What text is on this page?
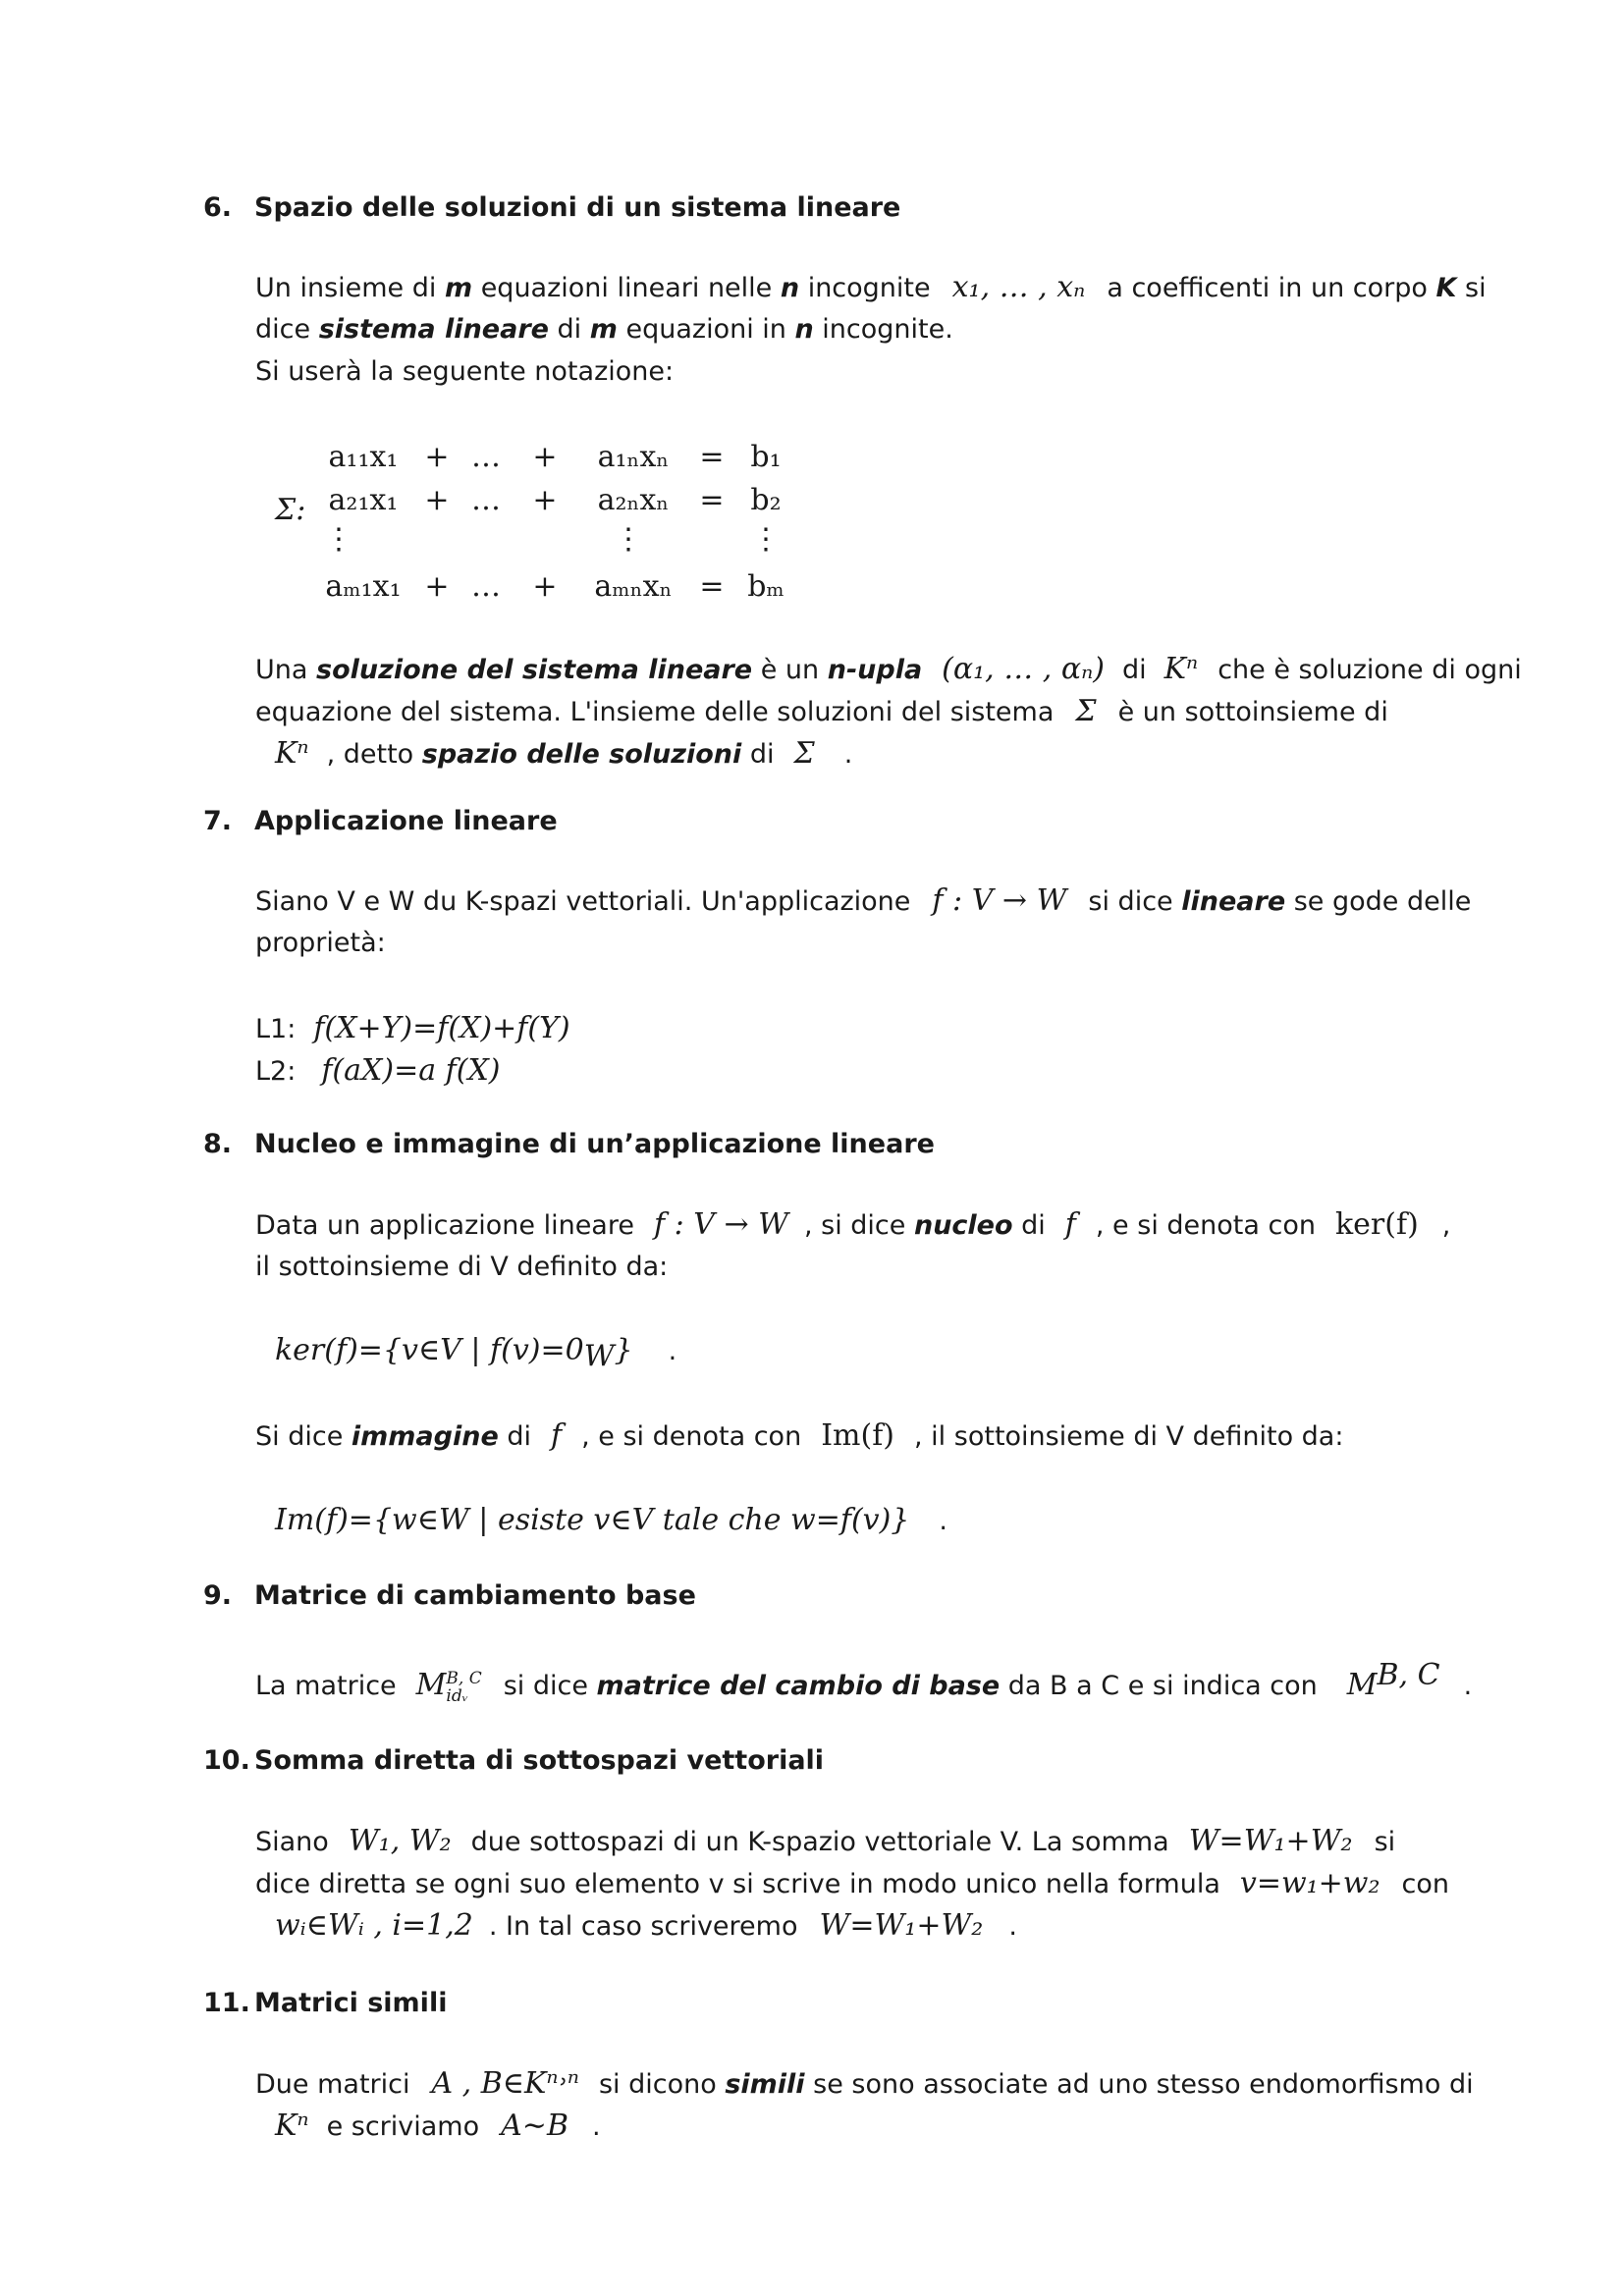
6. Spazio delle soluzioni di un sistema lineare
Un insieme di m equazioni lineari nelle n incognite x₁, … , xₙ a coefficenti in un corpo K si
dice sistema lineare di m equazioni in n incognite.
Si userà la seguente notazione:
Σ:
a₁₁x₁ + … +	a₁ₙxₙ	= b₁
a₂₁x₁ + … +	a₂ₙxₙ	= b₂
⋮	⋮	⋮
aₘ₁x₁ + … +	aₘₙxₙ = bₘ
Una soluzione del sistema lineare è un n-upla (α₁, … , αₙ) di Kⁿ che è soluzione di ogni
equazione del sistema. L'insieme delle soluzioni del sistema Σ è un sottoinsieme di
Kⁿ , detto spazio delle soluzioni di Σ .
7. Applicazione lineare
Siano V e W du K-spazi vettoriali. Un'applicazione f : V → W si dice lineare se gode delle
proprietà:
L1: f(X+Y)=f(X)+f(Y)
L2: f(aX)=a f(X)
8. Nucleo e immagine di un’applicazione lineare
Data un applicazione lineare f : V → W , si dice nucleo di f , e si denota con ker(f) ,
il sottoinsieme di V definito da:
ker(f)={v∈V | $f(v)=0_W$} .
Si dice immagine di f , e si denota con Im(f) , il sottoinsieme di V definito da:
Im(f)={w∈W | esiste v∈V tale che w=f(v)} .
9. Matrice di cambiamento base
La matrice M B, C
idᵥ	si dice matrice del cambio di base da B a C e si indica con $M^{B, C}$ .
10. Somma diretta di sottospazi vettoriali
Siano W₁, W₂ due sottospazi di un K-spazio vettoriale V. La somma W=W₁+W₂ si
dice diretta se ogni suo elemento v si scrive in modo unico nella formula v=w₁+w₂ con
wᵢ∈Wᵢ , i=1,2 . In tal caso scriveremo W=W₁+W₂ .
11. Matrici simili
Due matrici A , B∈Kⁿ˒ⁿ si dicono simili se sono associate ad uno stesso endomorfismo di
Kⁿ e scriviamo A∼B .
